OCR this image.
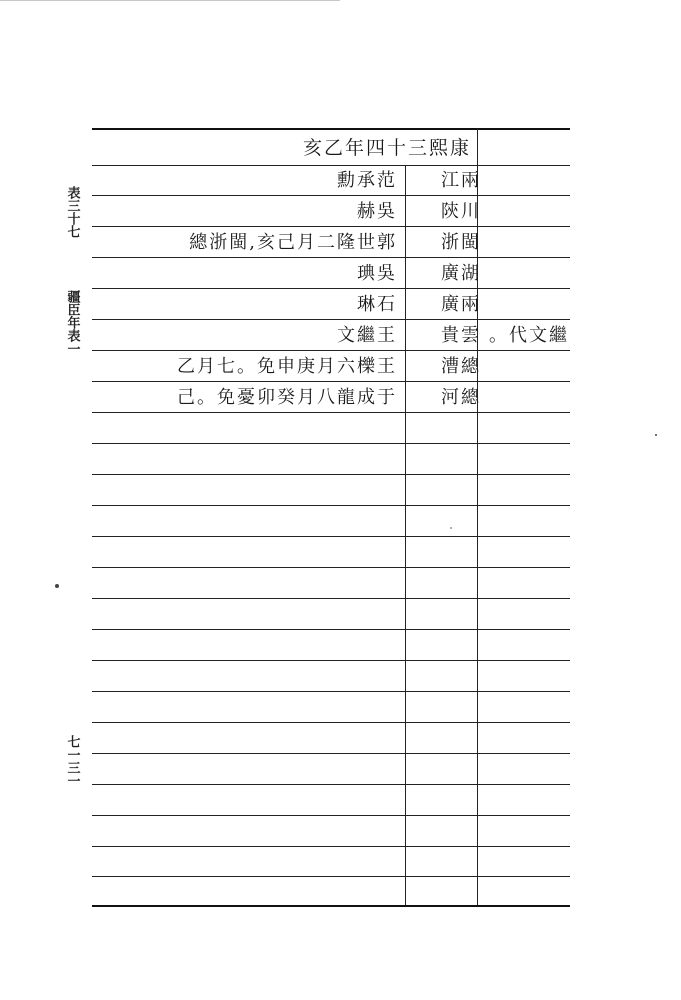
康熙三十四年乙亥
兩江
范承勳
川陝
吳赫
閩浙
郭世隆二月己亥,閩浙總
湖廣
吳琠
兩廣
石琳
雲貴
王繼文	繼文代。
總漕
王櫟六月庚申免。七月乙
總河
于成龍八月癸卯憂免。己
表三十七
疆臣年表一
七一三一
